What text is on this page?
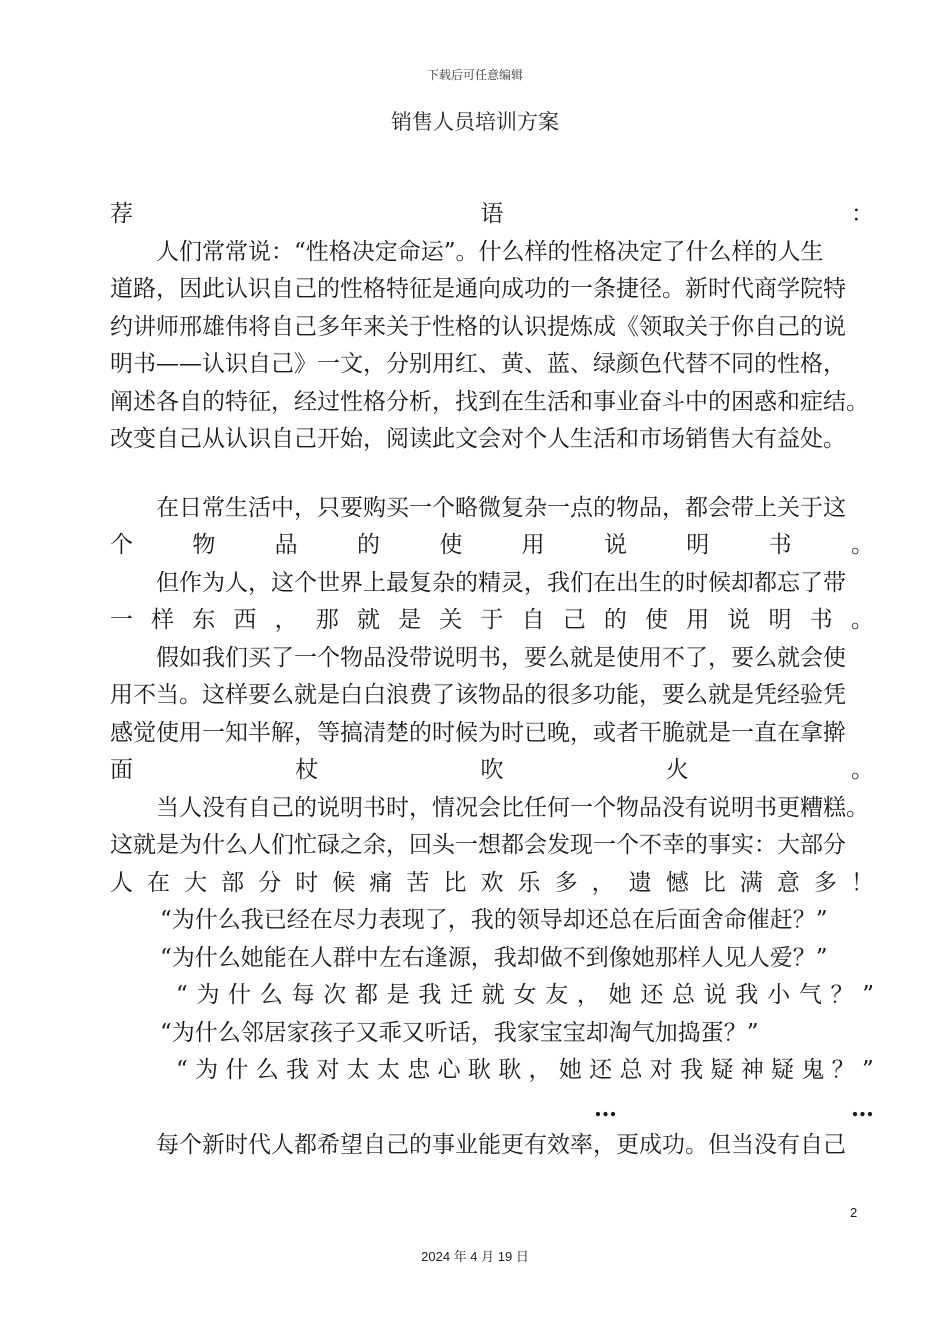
下载后可任意编辑
销售人员培训方案
荐	语	：
人们常常说：“性格决定命运”。什么样的性格决定了什么样的人生
道路，因此认识自己的性格特征是通向成功的一条捷径。新时代商学院特
约讲师邢雄伟将自己多年来关于性格的认识提炼成《领取关于你自己的说
明书——认识自己》一文，分别用红、黄、蓝、绿颜色代替不同的性格，
阐述各自的特征，经过性格分析，找到在生活和事业奋斗中的困惑和症结。
改变自己从认识自己开始，阅读此文会对个人生活和市场销售大有益处。
在日常生活中，只要购买一个略微复杂一点的物品，都会带上关于这
个	物	品	的	使	用	说	明	书	。
但作为人，这个世界上最复杂的精灵，我们在出生的时候却都忘了带
一 样 东 西 ， 那 就 是 关 于 自 己 的 使 用 说 明 书 。
假如我们买了一个物品没带说明书，要么就是使用不了，要么就会使
用不当。这样要么就是白白浪费了该物品的很多功能，要么就是凭经验凭
感觉使用一知半解，等搞清楚的时候为时已晚，或者干脆就是一直在拿擀
面	杖	吹	火	。
当人没有自己的说明书时，情况会比任何一个物品没有说明书更糟糕。
这就是为什么人们忙碌之余，回头一想都会发现一个不幸的事实：大部分
人 在 大 部 分 时 候 痛 苦 比 欢 乐 多 ， 遗 憾 比 满 意 多 ！
“为什么我已经在尽力表现了，我的领导却还总在后面舍命催赶？”
“为什么她能在人群中左右逢源，我却做不到像她那样人见人爱？”
“ 为 什 么 每 次 都 是 我 迁 就 女 友 ， 她 还 总 说 我 小 气 ？ ”
“为什么邻居家孩子又乖又听话，我家宝宝却淘气加捣蛋？”
“ 为 什 么 我 对 太 太 忠 心 耿 耿 ， 她 还 总 对 我 疑 神 疑 鬼 ？ ”
…	…
每个新时代人都希望自己的事业能更有效率，更成功。但当没有自己
2
2024 年 4 月 19 日
